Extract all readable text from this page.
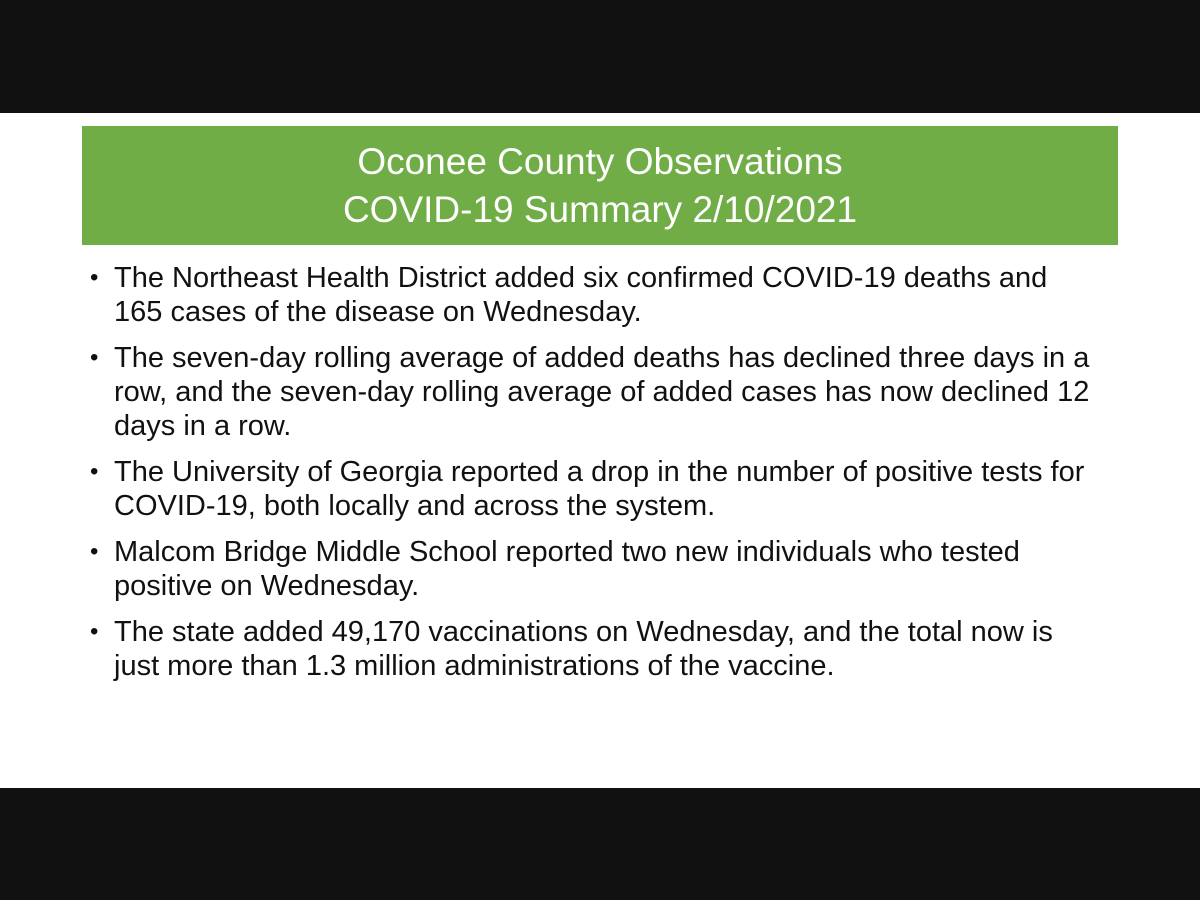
Oconee County Observations
COVID-19 Summary 2/10/2021
• The Northeast Health District added six confirmed COVID-19 deaths and 165 cases of the disease on Wednesday.
• The seven-day rolling average of added deaths has declined three days in a row, and the seven-day rolling average of added cases has now declined 12 days in a row.
• The University of Georgia reported a drop in the number of positive tests for COVID-19, both locally and across the system.
• Malcom Bridge Middle School reported two new individuals who tested positive on Wednesday.
• The state added 49,170 vaccinations on Wednesday, and the total now is just more than 1.3 million administrations of the vaccine.
